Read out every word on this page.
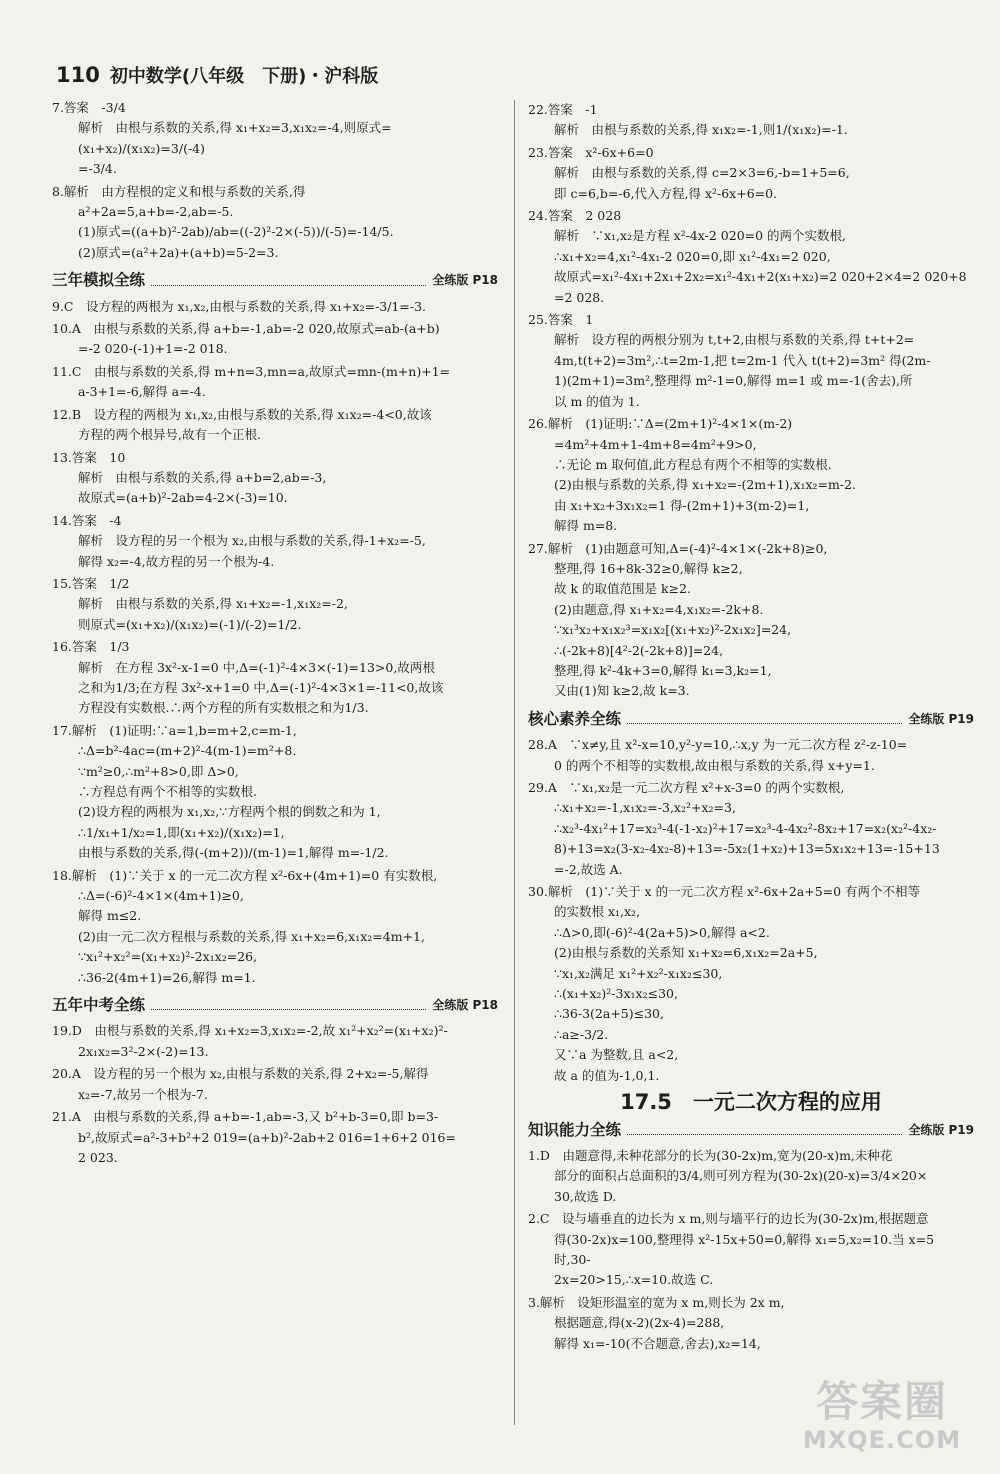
110 初中数学(八年级　下册)・沪科版

7.答案　-3/4

解析　由根与系数的关系,得 x₁+x₂=3,x₁x₂=-4,则原式=(x₁+x₂)/(x₁x₂)=3/(-4)

=-3/4.

8.解析　由方程根的定义和根与系数的关系,得

a²+2a=5,a+b=-2,ab=-5.

(1)原式=((a+b)²-2ab)/ab=((-2)²-2×(-5))/(-5)=-14/5.

(2)原式=(a²+2a)+(a+b)=5-2=3.

三年模拟全练	全练版 P18

9.C　设方程的两根为 x₁,x₂,由根与系数的关系,得 x₁+x₂=-3/1=-3.

10.A　由根与系数的关系,得 a+b=-1,ab=-2 020,故原式=ab-(a+b)

=-2 020-(-1)+1=-2 018.

11.C　由根与系数的关系,得 m+n=3,mn=a,故原式=mn-(m+n)+1=

a-3+1=-6,解得 a=-4.

12.B　设方程的两根为 x₁,x₂,由根与系数的关系,得 x₁x₂=-4<0,故该

方程的两个根异号,故有一个正根.

13.答案　10

解析　由根与系数的关系,得 a+b=2,ab=-3,

故原式=(a+b)²-2ab=4-2×(-3)=10.

14.答案　-4

解析　设方程的另一个根为 x₂,由根与系数的关系,得-1+x₂=-5,

解得 x₂=-4,故方程的另一个根为-4.

15.答案　1/2

解析　由根与系数的关系,得 x₁+x₂=-1,x₁x₂=-2,

则原式=(x₁+x₂)/(x₁x₂)=(-1)/(-2)=1/2.

16.答案　1/3

解析　在方程 3x²-x-1=0 中,Δ=(-1)²-4×3×(-1)=13>0,故两根

之和为1/3;在方程 3x²-x+1=0 中,Δ=(-1)²-4×3×1=-11<0,故该

方程没有实数根.∴两个方程的所有实数根之和为1/3.

17.解析　(1)证明:∵a=1,b=m+2,c=m-1,

∴Δ=b²-4ac=(m+2)²-4(m-1)=m²+8.

∵m²≥0,∴m²+8>0,即 Δ>0,

∴方程总有两个不相等的实数根.

(2)设方程的两根为 x₁,x₂,∵方程两个根的倒数之和为 1,

∴1/x₁+1/x₂=1,即(x₁+x₂)/(x₁x₂)=1,

由根与系数的关系,得(-(m+2))/(m-1)=1,解得 m=-1/2.

18.解析　(1)∵关于 x 的一元二次方程 x²-6x+(4m+1)=0 有实数根,

∴Δ=(-6)²-4×1×(4m+1)≥0,

解得 m≤2.

(2)由一元二次方程根与系数的关系,得 x₁+x₂=6,x₁x₂=4m+1,

∵x₁²+x₂²=(x₁+x₂)²-2x₁x₂=26,

∴36-2(4m+1)=26,解得 m=1.

五年中考全练	全练版 P18

19.D　由根与系数的关系,得 x₁+x₂=3,x₁x₂=-2,故 x₁²+x₂²=(x₁+x₂)²-

2x₁x₂=3²-2×(-2)=13.

20.A　设方程的另一个根为 x₂,由根与系数的关系,得 2+x₂=-5,解得

x₂=-7,故另一个根为-7.

21.A　由根与系数的关系,得 a+b=-1,ab=-3,又 b²+b-3=0,即 b=3-

b²,故原式=a²-3+b²+2 019=(a+b)²-2ab+2 016=1+6+2 016=

2 023.

22.答案　-1

解析　由根与系数的关系,得 x₁x₂=-1,则1/(x₁x₂)=-1.

23.答案　x²-6x+6=0

解析　由根与系数的关系,得 c=2×3=6,-b=1+5=6,

即 c=6,b=-6,代入方程,得 x²-6x+6=0.

24.答案　2 028

解析　∵x₁,x₂是方程 x²-4x-2 020=0 的两个实数根,

∴x₁+x₂=4,x₁²-4x₁-2 020=0,即 x₁²-4x₁=2 020,

故原式=x₁²-4x₁+2x₁+2x₂=x₁²-4x₁+2(x₁+x₂)=2 020+2×4=2 020+8

=2 028.

25.答案　1

解析　设方程的两根分别为 t,t+2,由根与系数的关系,得 t+t+2=

4m,t(t+2)=3m²,∴t=2m-1,把 t=2m-1 代入 t(t+2)=3m² 得(2m-

1)(2m+1)=3m²,整理得 m²-1=0,解得 m=1 或 m=-1(舍去),所

以 m 的值为 1.

26.解析　(1)证明:∵Δ=(2m+1)²-4×1×(m-2)

=4m²+4m+1-4m+8=4m²+9>0,

∴无论 m 取何值,此方程总有两个不相等的实数根.

(2)由根与系数的关系,得 x₁+x₂=-(2m+1),x₁x₂=m-2.

由 x₁+x₂+3x₁x₂=1 得-(2m+1)+3(m-2)=1,

解得 m=8.

27.解析　(1)由题意可知,Δ=(-4)²-4×1×(-2k+8)≥0,

整理,得 16+8k-32≥0,解得 k≥2,

故 k 的取值范围是 k≥2.

(2)由题意,得 x₁+x₂=4,x₁x₂=-2k+8.

∵x₁³x₂+x₁x₂³=x₁x₂[(x₁+x₂)²-2x₁x₂]=24,

∴(-2k+8)[4²-2(-2k+8)]=24,

整理,得 k²-4k+3=0,解得 k₁=3,k₂=1,

又由(1)知 k≥2,故 k=3.

核心素养全练	全练版 P19

28.A　∵x≠y,且 x²-x=10,y²-y=10,∴x,y 为一元二次方程 z²-z-10=

0 的两个不相等的实数根,故由根与系数的关系,得 x+y=1.

29.A　∵x₁,x₂是一元二次方程 x²+x-3=0 的两个实数根,

∴x₁+x₂=-1,x₁x₂=-3,x₂²+x₂=3,

∴x₂³-4x₁²+17=x₂³-4(-1-x₂)²+17=x₂³-4-4x₂²-8x₂+17=x₂(x₂²-4x₂-

8)+13=x₂(3-x₂-4x₂-8)+13=-5x₂(1+x₂)+13=5x₁x₂+13=-15+13

=-2,故选 A.

30.解析　(1)∵关于 x 的一元二次方程 x²-6x+2a+5=0 有两个不相等

的实数根 x₁,x₂,

∴Δ>0,即(-6)²-4(2a+5)>0,解得 a<2.

(2)由根与系数的关系知 x₁+x₂=6,x₁x₂=2a+5,

∵x₁,x₂满足 x₁²+x₂²-x₁x₂≤30,

∴(x₁+x₂)²-3x₁x₂≤30,

∴36-3(2a+5)≤30,

∴a≥-3/2.

又∵a 为整数,且 a<2,

故 a 的值为-1,0,1.

17.5　一元二次方程的应用
知识能力全练	全练版 P19

1.D　由题意得,未种花部分的长为(30-2x)m,宽为(20-x)m,未种花

部分的面积占总面积的3/4,则可列方程为(30-2x)(20-x)=3/4×20×

30,故选 D.

2.C　设与墙垂直的边长为 x m,则与墙平行的边长为(30-2x)m,根据题意

得(30-2x)x=100,整理得 x²-15x+50=0,解得 x₁=5,x₂=10.当 x=5 时,30-

2x=20>15,∴x=10.故选 C.

3.解析　设矩形温室的宽为 x m,则长为 2x m,

根据题意,得(x-2)(2x-4)=288,

解得 x₁=-10(不合题意,舍去),x₂=14,

答案圈
MXQE.COM
